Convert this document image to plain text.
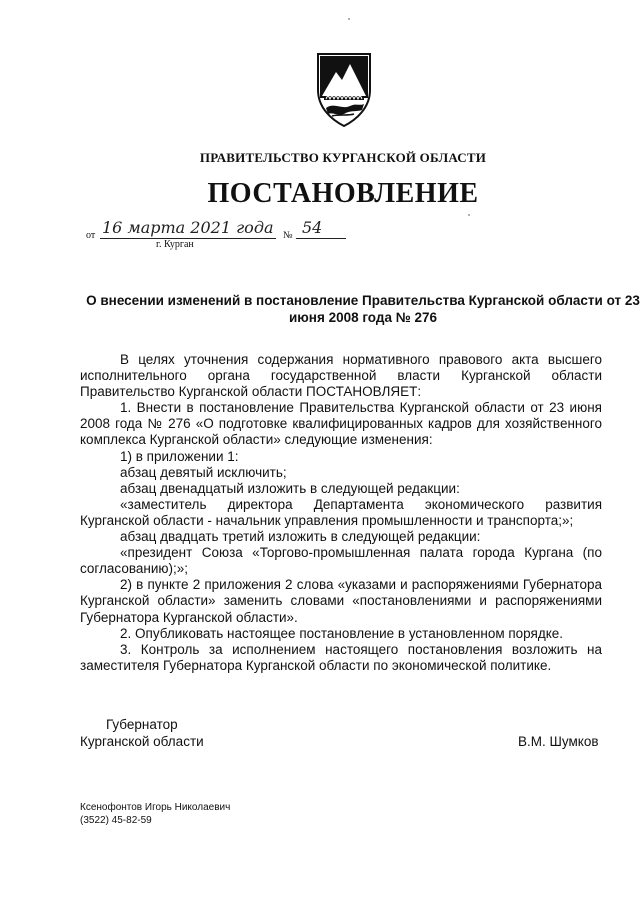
ПРАВИТЕЛЬСТВО КУРГАНСКОЙ ОБЛАСТИ
ПОСТАНОВЛЕНИЕ
от 16 марта 2021 года № 54
г. Курган
О внесении изменений в постановление Правительства Курганской области от 23 июня 2008 года № 276

В целях уточнения содержания нормативного правового акта высшего исполнительного органа государственной власти Курганской области Правительство Курганской области ПОСТАНОВЛЯЕТ:

1. Внести в постановление Правительства Курганской области от 23 июня 2008 года № 276 «О подготовке квалифицированных кадров для хозяйственного комплекса Курганской области» следующие изменения:

1) в приложении 1:

абзац девятый исключить;

абзац двенадцатый изложить в следующей редакции:

«заместитель директора Департамента экономического развития Курганской области - начальник управления промышленности и транспорта;»;

абзац двадцать третий изложить в следующей редакции:

«президент Союза «Торгово-промышленная палата города Кургана (по согласованию);»;

2) в пункте 2 приложения 2 слова «указами и распоряжениями Губернатора Курганской области» заменить словами «постановлениями и распоряжениями Губернатора Курганской области».

2. Опубликовать настоящее постановление в установленном порядке.

3. Контроль за исполнением настоящего постановления возложить на заместителя Губернатора Курганской области по экономической политике.

Губернатор
Курганской области	В.М. Шумков
Ксенофонтов Игорь Николаевич
(3522) 45-82-59
